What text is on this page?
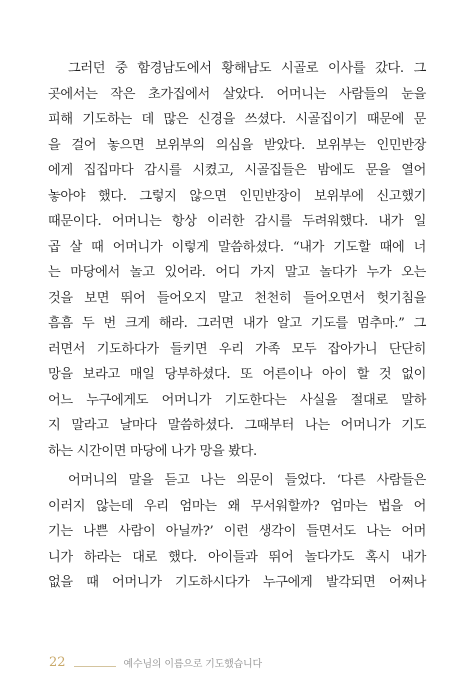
그러던 중 함경남도에서 황해남도 시골로 이사를 갔다. 그
곳에서는 작은 초가집에서 살았다. 어머니는 사람들의 눈을
피해 기도하는 데 많은 신경을 쓰셨다. 시골집이기 때문에 문
을 걸어 놓으면 보위부의 의심을 받았다. 보위부는 인민반장
에게 집집마다 감시를 시켰고, 시골집들은 밤에도 문을 열어
놓아야 했다. 그렇지 않으면 인민반장이 보위부에 신고했기
때문이다. 어머니는 항상 이러한 감시를 두려워했다. 내가 일
곱 살 때 어머니가 이렇게 말씀하셨다. “내가 기도할 때에 너
는 마당에서 놀고 있어라. 어디 가지 말고 놀다가 누가 오는
것을 보면 뛰어 들어오지 말고 천천히 들어오면서 헛기침을
흠흠 두 번 크게 해라. 그러면 내가 알고 기도를 멈추마.” 그
러면서 기도하다가 들키면 우리 가족 모두 잡아가니 단단히
망을 보라고 매일 당부하셨다. 또 어른이나 아이 할 것 없이
어느 누구에게도 어머니가 기도한다는 사실을 절대로 말하
지 말라고 날마다 말씀하셨다. 그때부터 나는 어머니가 기도
하는 시간이면 마당에 나가 망을 봤다.
어머니의 말을 듣고 나는 의문이 들었다. ‘다른 사람들은
이러지 않는데 우리 엄마는 왜 무서워할까? 엄마는 법을 어
기는 나쁜 사람이 아닐까?’ 이런 생각이 들면서도 나는 어머
니가 하라는 대로 했다. 아이들과 뛰어 놀다가도 혹시 내가
없을 때 어머니가 기도하시다가 누구에게 발각되면 어쩌나
22	예수님의 이름으로 기도했습니다
